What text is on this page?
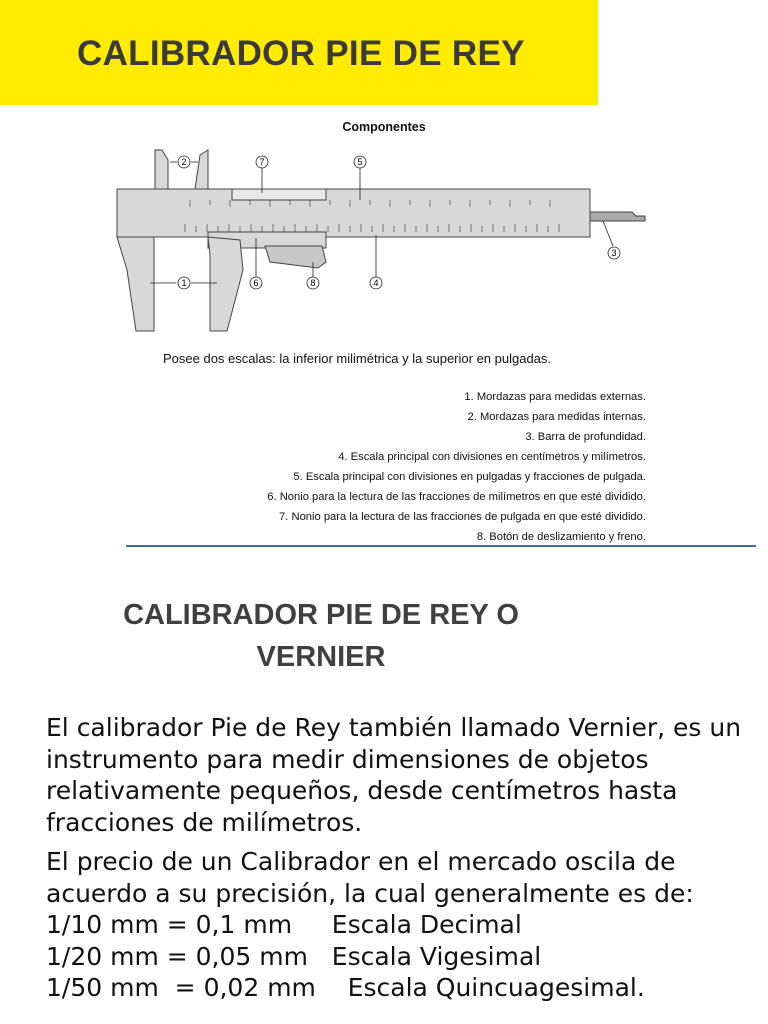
CALIBRADOR PIE DE REY
Componentes
2	7	5
3
1	6	8	4
Posee dos escalas: la inferior milimétrica y la superior en pulgadas.
1. Mordazas para medidas externas.
2. Mordazas para medidas internas.
3. Barra de profundidad.
4. Escala principal con divisiones en centímetros y milímetros.
5. Escala principal con divisiones en pulgadas y fracciones de pulgada.
6. Nonio para la lectura de las fracciones de milímetros en que esté dividido.
7. Nonio para la lectura de las fracciones de pulgada en que esté dividido.
8. Botón de deslizamiento y freno.
CALIBRADOR PIE DE REY O
VERNIER

El calibrador Pie de Rey también llamado Vernier, es un instrumento para medir dimensiones de objetos relativamente pequeños, desde centímetros hasta fracciones de milímetros.

El precio de un Calibrador en el mercado oscila de acuerdo a su precisión, la cual generalmente es de:

1/10 mm = 0,1 mm     Escala Decimal

1/20 mm = 0,05 mm   Escala Vigesimal

1/50 mm  = 0,02 mm    Escala Quincuagesimal.
